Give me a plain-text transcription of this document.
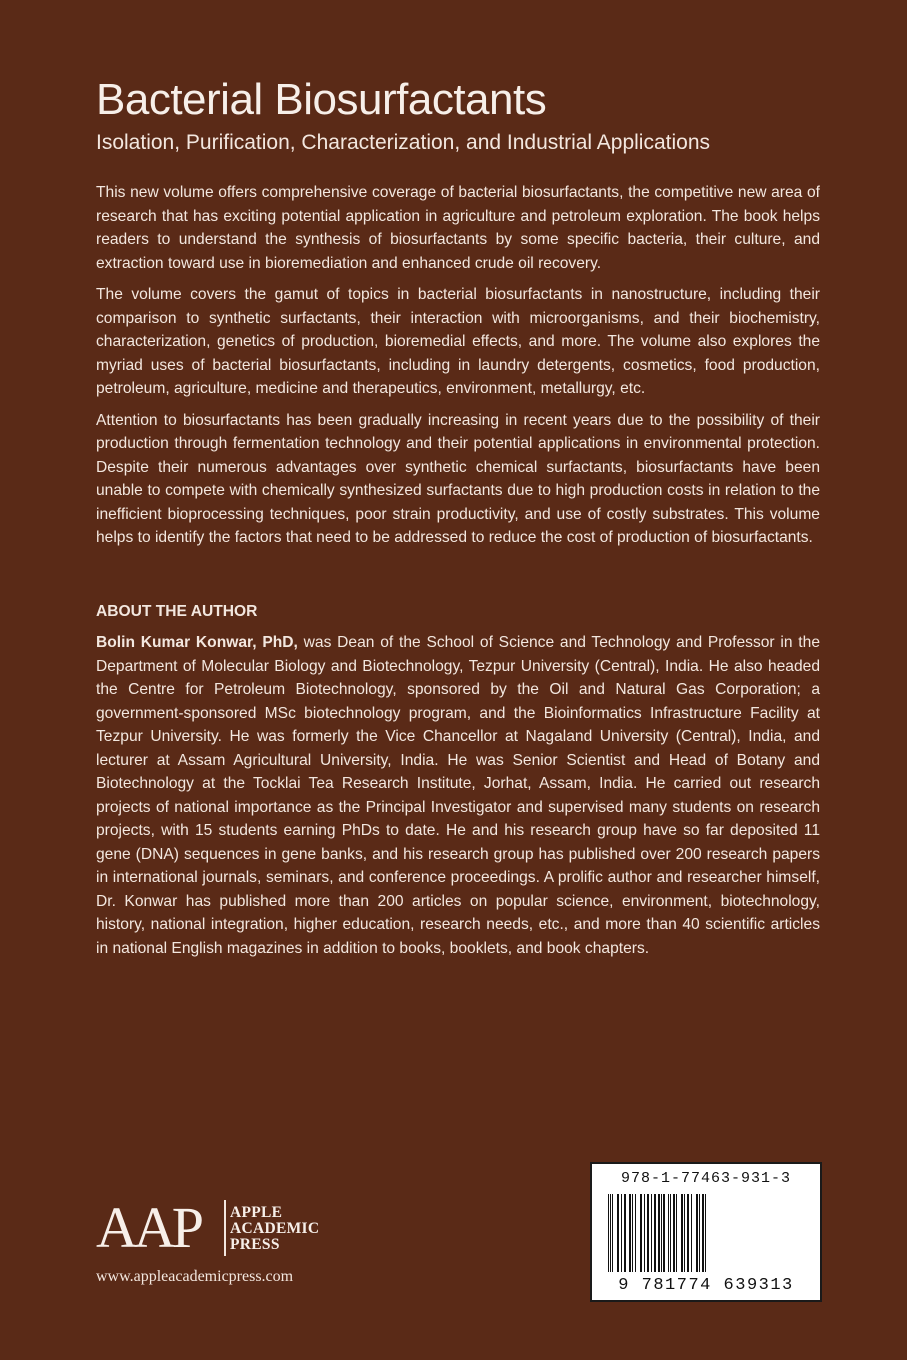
Bacterial Biosurfactants
Isolation, Purification, Characterization, and Industrial Applications

This new volume offers comprehensive coverage of bacterial biosurfactants, the competitive new area of research that has exciting potential application in agriculture and petroleum exploration. The book helps readers to understand the synthesis of biosurfactants by some specific bacteria, their culture, and extraction toward use in bioremediation and enhanced crude oil recovery.

The volume covers the gamut of topics in bacterial biosurfactants in nanostructure, including their comparison to synthetic surfactants, their interaction with microorganisms, and their biochemistry, characterization, genetics of production, bioremedial effects, and more. The volume also explores the myriad uses of bacterial biosurfactants, including in laundry detergents, cosmetics, food production, petroleum, agriculture, medicine and therapeutics, environment, metallurgy, etc.

Attention to biosurfactants has been gradually increasing in recent years due to the possibility of their production through fermentation technology and their potential applications in environmental protection. Despite their numerous advantages over synthetic chemical surfactants, biosurfactants have been unable to compete with chemically synthesized surfactants due to high production costs in relation to the inefficient bioprocessing techniques, poor strain productivity, and use of costly substrates. This volume helps to identify the factors that need to be addressed to reduce the cost of production of biosurfactants.

ABOUT THE AUTHOR

Bolin Kumar Konwar, PhD, was Dean of the School of Science and Technology and Professor in the Department of Molecular Biology and Biotechnology, Tezpur University (Central), India. He also headed the Centre for Petroleum Biotechnology, sponsored by the Oil and Natural Gas Corporation; a government-sponsored MSc biotechnology program, and the Bioinformatics Infrastructure Facility at Tezpur University. He was formerly the Vice Chancellor at Nagaland University (Central), India, and lecturer at Assam Agricultural University, India. He was Senior Scientist and Head of Botany and Biotechnology at the Tocklai Tea Research Institute, Jorhat, Assam, India. He carried out research projects of national importance as the Principal Investigator and supervised many students on research projects, with 15 students earning PhDs to date. He and his research group have so far deposited 11 gene (DNA) sequences in gene banks, and his research group has published over 200 research papers in international journals, seminars, and conference proceedings. A prolific author and researcher himself, Dr. Konwar has published more than 200 articles on popular science, environment, biotechnology, history, national integration, higher education, research needs, etc., and more than 40 scientific articles in national English magazines in addition to books, booklets, and book chapters.

AAP APPLE
ACADEMIC
PRESS
www.appleacademicpress.com
978-1-77463-931-3
9 781774 639313
